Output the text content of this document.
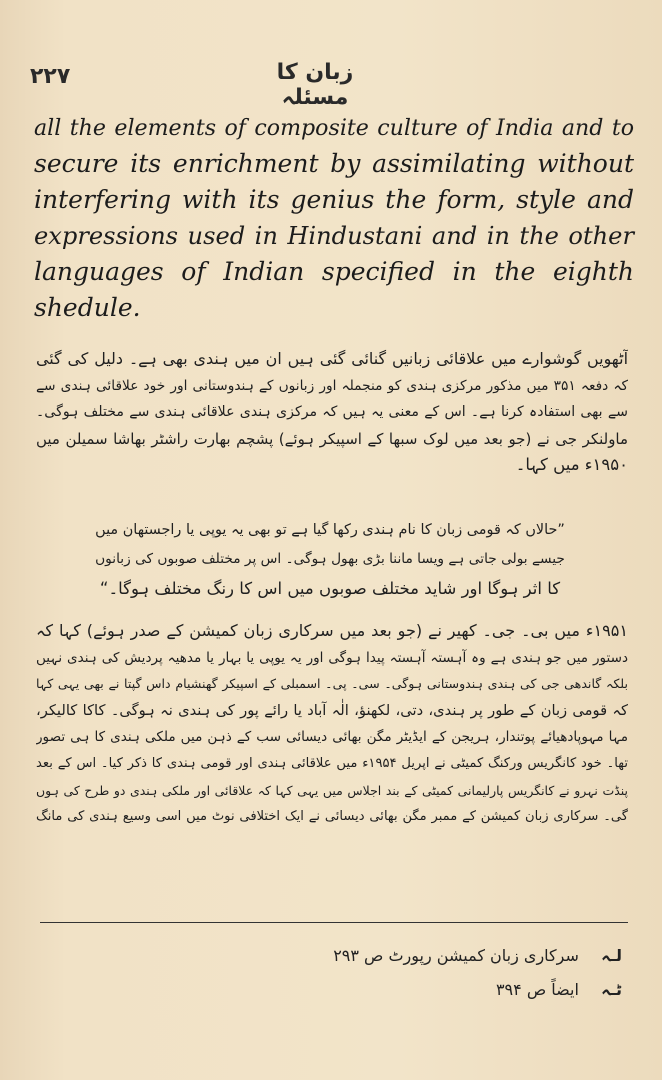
۲۲۷	زبان کا مسئلہ
all the elements of composite culture of India and to
secure its enrichment by assimilating without
interfering with its genius the form, style and
expressions used in Hindustani and in the other
languages of Indian specified in the eighth
shedule.
آٹھویں گوشوارے میں علاقائی زبانیں گنائی گئی ہیں ان میں ہندی بھی ہے۔ دلیل کی گئی
کہ دفعہ ۳۵۱ میں مذکور مرکزی ہندی کو منجملہ اور زبانوں کے ہندوستانی اور خود علاقائی ہندی سے
سے بھی استفادہ کرنا ہے۔ اس کے معنی یہ ہیں کہ مرکزی ہندی علاقائی ہندی سے مختلف ہوگی۔
ماولنکر جی نے (جو بعد میں لوک سبھا کے اسپیکر ہوئے) پشچم بھارت راشٹر بھاشا سمیلن میں
۱۹۵۰ء میں کہا۔
”حالاں کہ قومی زبان کا نام ہندی رکھا گیا ہے تو بھی یہ یوپی یا راجستھان میں
جیسے بولی جاتی ہے ویسا ماننا بڑی بھول ہوگی۔ اس پر مختلف صوبوں کی زبانوں
کا اثر ہوگا اور شاید مختلف صوبوں میں اس کا رنگ مختلف ہوگا۔“
۱۹۵۱ء میں بی۔ جی۔ کھیر نے (جو بعد میں سرکاری زبان کمیشن کے صدر ہوئے) کہا کہ
دستور میں جو ہندی ہے وہ آہستہ آہستہ پیدا ہوگی اور یہ یوپی یا بہار یا مدھیہ پردیش کی ہندی نہیں
بلکہ گاندھی جی کی ہندی ہندوستانی ہوگی۔ سی۔ پی۔ اسمبلی کے اسپیکر گھنشیام داس گپتا نے بھی یہی کہا
کہ قومی زبان کے طور پر ہندی، دتی، لکھنؤ، الٰہ آباد یا رائے پور کی ہندی نہ ہوگی۔ کاکا کالیکر،
مہا مہوپادھیائے پوتندار، ہریجن کے ایڈیٹر مگن بھائی دیسائی سب کے ذہن میں ملکی ہندی کا ہی تصور
تھا۔ خود کانگریس ورکنگ کمیٹی نے اپریل ۱۹۵۴ء میں علاقائی ہندی اور قومی ہندی کا ذکر کیا۔ اس کے بعد
پنڈت نہرو نے کانگریس پارلیمانی کمیٹی کے بند اجلاس میں یہی کہا کہ علاقائی اور ملکی ہندی دو طرح کی ہوں
گی۔ سرکاری زبان کمیشن کے ممبر مگن بھائی دیسائی نے ایک اختلافی نوٹ میں اسی وسیع ہندی کی مانگ
لـہ سرکاری زبان کمیشن رپورٹ ص ۲۹۳
ٹـہ ایضاً ص ۳۹۴
